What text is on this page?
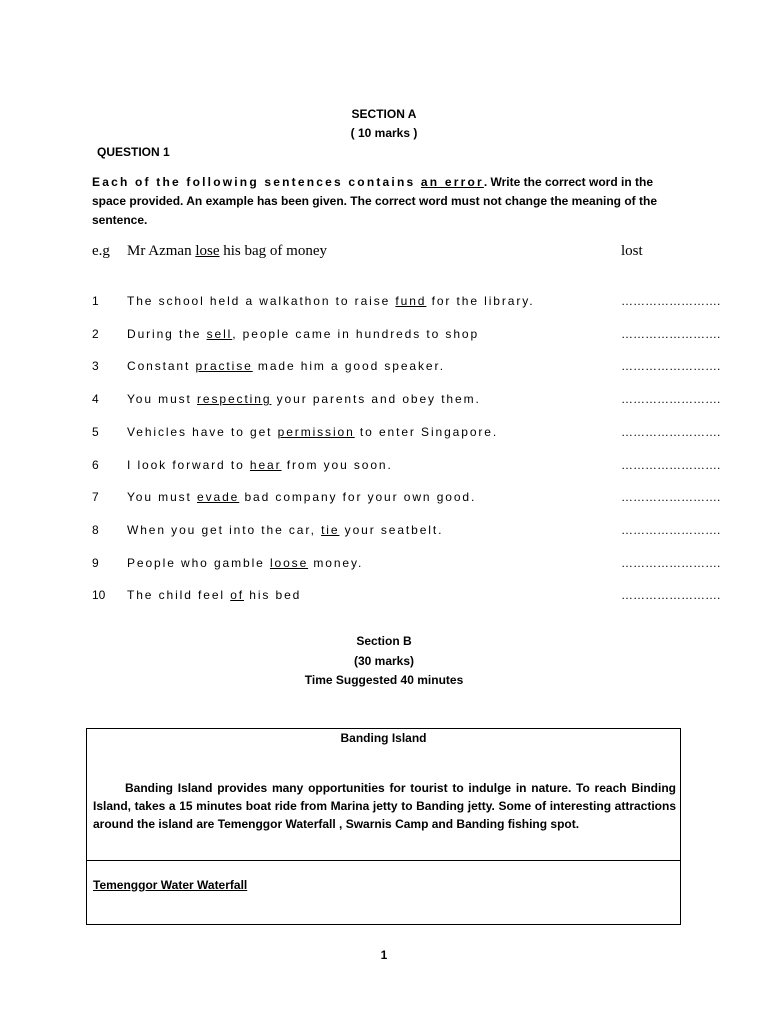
SECTION A
( 10 marks )
QUESTION 1
Each of the following sentences contains an error. Write the correct word in the space provided. An example has been given. The correct word must not change the meaning of the sentence.
e.g Mr Azman lose his bag of money	lost
1 The school held a walkathon to raise fund for the library.	…………………….
2 During the sell, people came in hundreds to shop	…………………….
3 Constant practise made him a good speaker.	…………………….
4 You must respecting your parents and obey them.	…………………….
5 Vehicles have to get permission to enter Singapore.	…………………….
6 I look forward to hear from you soon.	…………………….
7 You must evade bad company for your own good.	…………………….
8 When you get into the car, tie your seatbelt.	…………………….
9 People who gamble loose money.	…………………….
10 The child feel of his bed	…………………….
Section B
(30 marks)
Time Suggested 40 minutes
Banding Island
Banding Island provides many opportunities for tourist to indulge in nature. To reach Binding Island, takes a 15 minutes boat ride from Marina jetty to Banding jetty. Some of interesting attractions around the island are Temenggor Waterfall , Swarnis Camp and Banding fishing spot.
Temenggor Water Waterfall
1
